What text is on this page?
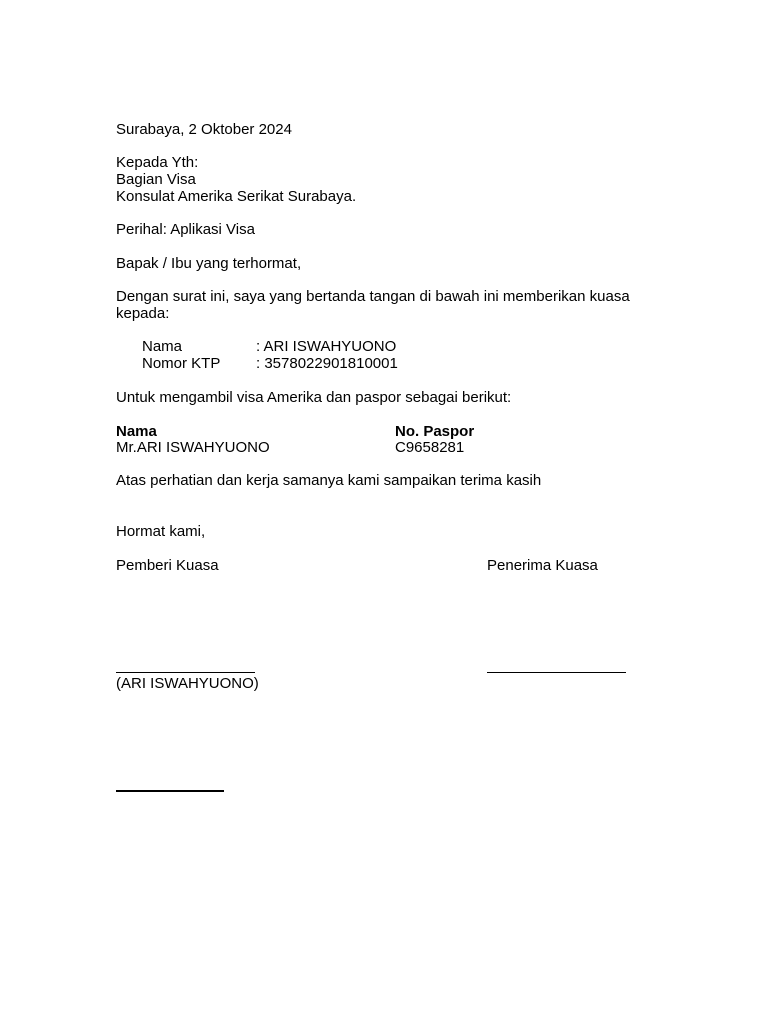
Surabaya, 2 Oktober 2024
Kepada Yth:
Bagian Visa
Konsulat Amerika Serikat Surabaya.
Perihal: Aplikasi Visa
Bapak / Ibu yang terhormat,
Dengan surat ini, saya yang bertanda tangan di bawah ini memberikan kuasa
kepada:
Nama	: ARI ISWAHYUONO
Nomor KTP : 3578022901810001
Untuk mengambil visa Amerika dan paspor sebagai berikut:
Nama	No. Paspor
Mr.ARI ISWAHYUONO	C9658281
Atas perhatian dan kerja samanya kami sampaikan terima kasih
Hormat kami,
Pemberi Kuasa	Penerima Kuasa
(ARI ISWAHYUONO)
